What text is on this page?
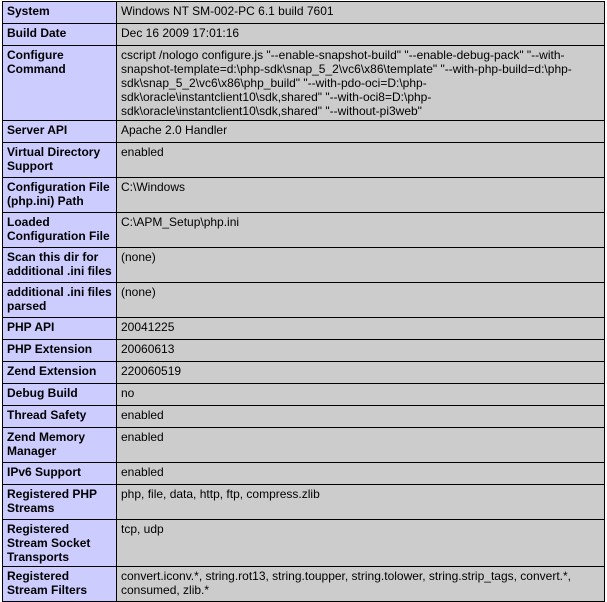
System	Windows NT SM-002-PC 6.1 build 7601
Build Date	Dec 16 2009 17:01:16
Configure Command	cscript /nologo configure.js "--enable-snapshot-build" "--enable-debug-pack" "--with-snapshot-template=d:\php-sdk\snap_5_2\vc6\x86\template" "--with-php-build=d:\php-sdk\snap_5_2\vc6\x86\php_build" "--with-pdo-oci=D:\php-sdk\oracle\instantclient10\sdk,shared" "--with-oci8=D:\php-sdk\oracle\instantclient10\sdk,shared" "--without-pi3web"
Server API	Apache 2.0 Handler
Virtual Directory Support	enabled
Configuration File (php.ini) Path	C:\Windows
Loaded Configuration File	C:\APM_Setup\php.ini
Scan this dir for additional .ini files	(none)
additional .ini files parsed	(none)
PHP API	20041225
PHP Extension	20060613
Zend Extension	220060519
Debug Build	no
Thread Safety	enabled
Zend Memory Manager	enabled
IPv6 Support	enabled
Registered PHP Streams	php, file, data, http, ftp, compress.zlib
Registered Stream Socket Transports	tcp, udp
Registered Stream Filters	convert.iconv.*, string.rot13, string.toupper, string.tolower, string.strip_tags, convert.*, consumed, zlib.*
